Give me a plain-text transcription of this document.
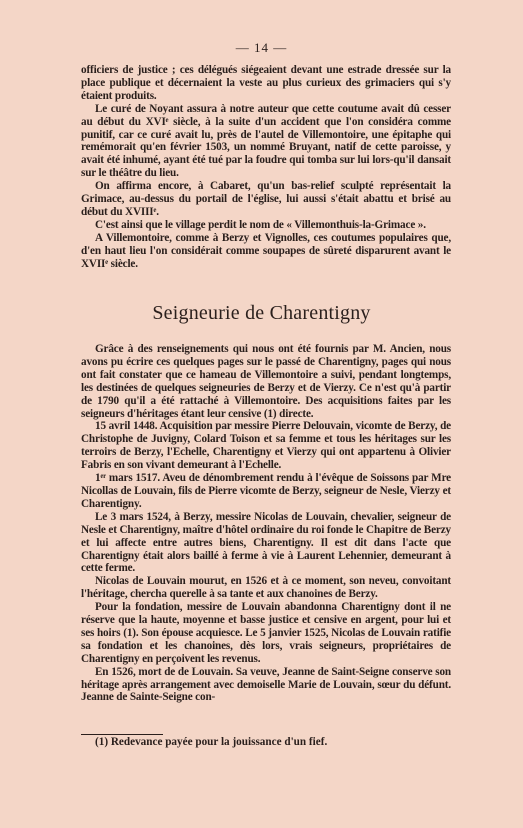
— 14 —

officiers de justice ; ces délégués siégeaient devant une estrade dressée sur la place publique et décernaient la veste au plus curieux des grimaciers qui s'y étaient produits.

Le curé de Noyant assura à notre auteur que cette coutume avait dû cesser au début du XVIᵉ siècle, à la suite d'un accident que l'on considéra comme punitif, car ce curé avait lu, près de l'autel de Villemontoire, une épitaphe qui remémorait qu'en février 1503, un nommé Bruyant, natif de cette paroisse, y avait été inhumé, ayant été tué par la foudre qui tomba sur lui lors-qu'il dansait sur le théâtre du lieu.

On affirma encore, à Cabaret, qu'un bas-relief sculpté représentait la Grimace, au-dessus du portail de l'église, lui aussi s'était abattu et brisé au début du XVIIIᵉ.

C'est ainsi que le village perdit le nom de « Villemonthuis-la-Grimace ».

A Villemontoire, comme à Berzy et Vignolles, ces coutumes populaires que, d'en haut lieu l'on considérait comme soupapes de sûreté disparurent avant le XVIIᵉ siècle.

Seigneurie de Charentigny

Grâce à des renseignements qui nous ont été fournis par M. Ancien, nous avons pu écrire ces quelques pages sur le passé de Charentigny, pages qui nous ont fait constater que ce hameau de Villemontoire a suivi, pendant longtemps, les destinées de quelques seigneuries de Berzy et de Vierzy. Ce n'est qu'à partir de 1790 qu'il a été rattaché à Villemontoire. Des acquisitions faites par les seigneurs d'héritages étant leur censive (1) directe.

15 avril 1448. Acquisition par messire Pierre Delouvain, vicomte de Berzy, de Christophe de Juvigny, Colard Toison et sa femme et tous les héritages sur les terroirs de Berzy, l'Echelle, Charentigny et Vierzy qui ont appartenu à Olivier Fabris en son vivant demeurant à l'Echelle.

1ᵉʳ mars 1517. Aveu de dénombrement rendu à l'évêque de Soissons par Mre Nicollas de Louvain, fils de Pierre vicomte de Berzy, seigneur de Nesle, Vierzy et Charentigny.

Le 3 mars 1524, à Berzy, messire Nicolas de Louvain, chevalier, seigneur de Nesle et Charentigny, maître d'hôtel ordinaire du roi fonde le Chapitre de Berzy et lui affecte entre autres biens, Charentigny. Il est dit dans l'acte que Charentigny était alors baillé à ferme à vie à Laurent Lehennier, demeurant à cette ferme.

Nicolas de Louvain mourut, en 1526 et à ce moment, son neveu, convoitant l'héritage, chercha querelle à sa tante et aux chanoines de Berzy.

Pour la fondation, messire de Louvain abandonna Charentigny dont il ne réserve que la haute, moyenne et basse justice et censive en argent, pour lui et ses hoirs (1). Son épouse acquiesce. Le 5 janvier 1525, Nicolas de Louvain ratifie sa fondation et les chanoines, dès lors, vrais seigneurs, propriétaires de Charentigny en perçoivent les revenus.

En 1526, mort de de Louvain. Sa veuve, Jeanne de Saint-Seigne conserve son héritage après arrangement avec demoiselle Marie de Louvain, sœur du défunt. Jeanne de Sainte-Seigne con-

(1) Redevance payée pour la jouissance d'un fief.
